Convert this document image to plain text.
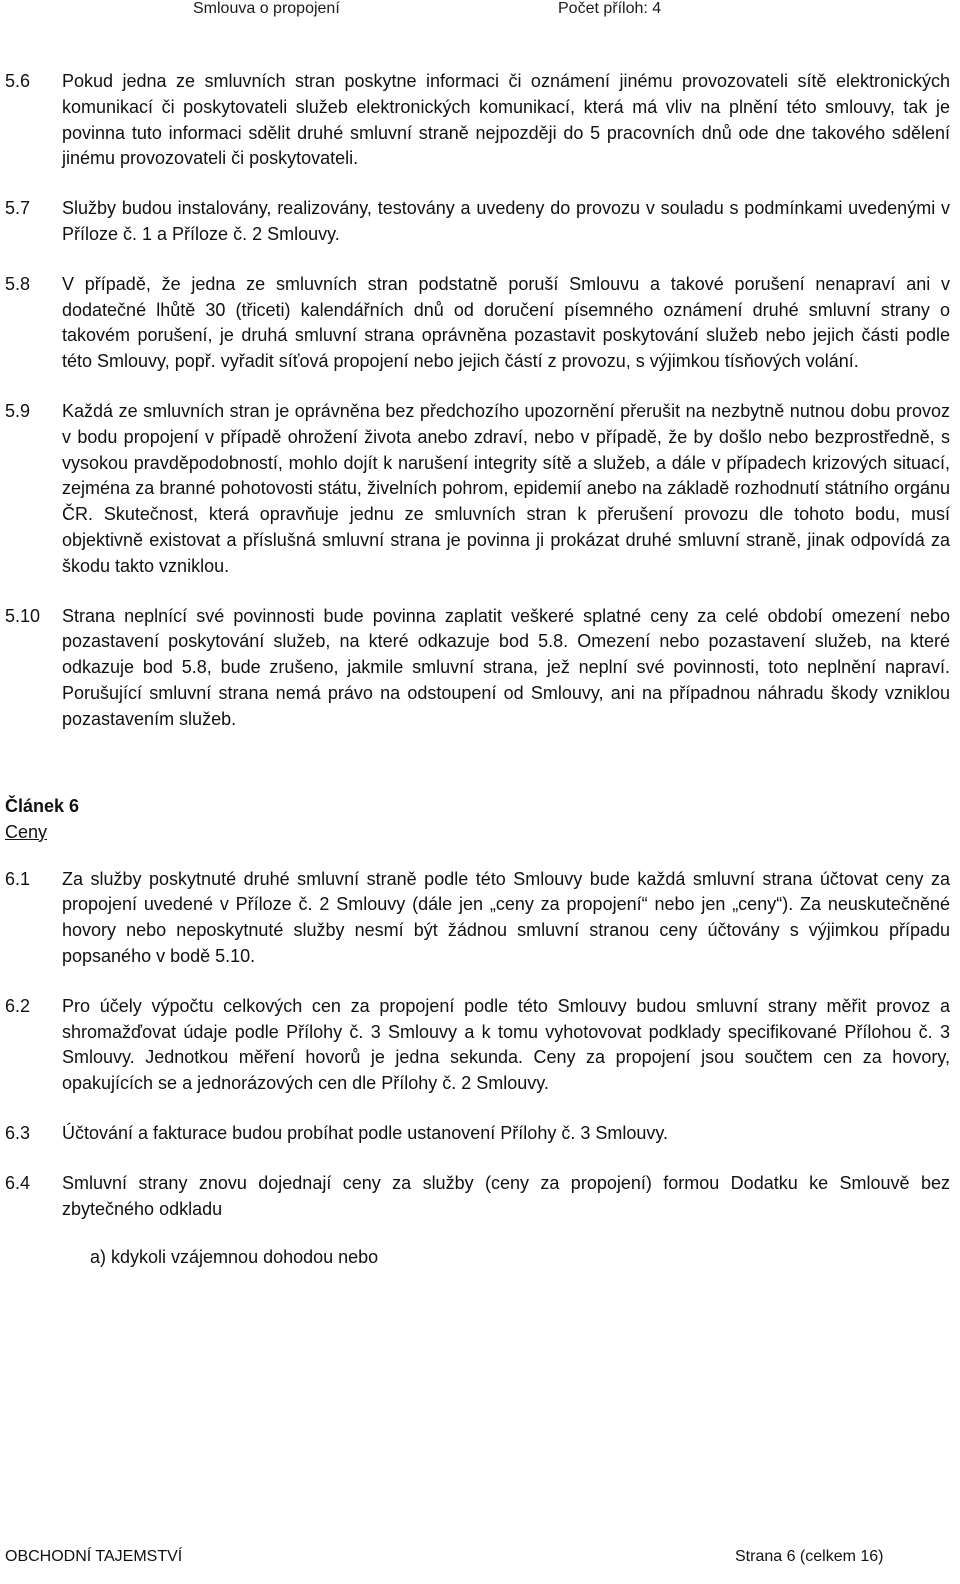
Smlouva o propojení	Počet příloh: 4
5.6	Pokud jedna ze smluvních stran poskytne informaci či oznámení jinému provozovateli sítě elektronických komunikací či poskytovateli služeb elektronických komunikací, která má vliv na plnění této smlouvy, tak je povinna tuto informaci sdělit druhé smluvní straně nejpozději do 5 pracovních dnů ode dne takového sdělení jinému provozovateli či poskytovateli.
5.7	Služby budou instalovány, realizovány, testovány a uvedeny do provozu v souladu s podmínkami uvedenými v Příloze č. 1 a Příloze č. 2 Smlouvy.
5.8	V případě, že jedna ze smluvních stran podstatně poruší Smlouvu a takové porušení nenapraví ani v dodatečné lhůtě 30 (třiceti) kalendářních dnů od doručení písemného oznámení druhé smluvní strany o takovém porušení, je druhá smluvní strana oprávněna pozastavit poskytování služeb nebo jejich části podle této Smlouvy, popř. vyřadit síťová propojení nebo jejich částí z provozu, s výjimkou tísňových volání.
5.9	Každá ze smluvních stran je oprávněna bez předchozího upozornění přerušit na nezbytně nutnou dobu provoz v bodu propojení v případě ohrožení života anebo zdraví, nebo v případě, že by došlo nebo bezprostředně, s vysokou pravděpodobností, mohlo dojít k narušení integrity sítě a služeb, a dále v případech krizových situací, zejména za branné pohotovosti státu, živelních pohrom, epidemií anebo na základě rozhodnutí státního orgánu ČR. Skutečnost, která opravňuje jednu ze smluvních stran k přerušení provozu dle tohoto bodu, musí objektivně existovat a příslušná smluvní strana je povinna ji prokázat druhé smluvní straně, jinak odpovídá za škodu takto vzniklou.
5.10	Strana neplnící své povinnosti bude povinna zaplatit veškeré splatné ceny za celé období omezení nebo pozastavení poskytování služeb, na které odkazuje bod 5.8. Omezení nebo pozastavení služeb, na které odkazuje bod 5.8, bude zrušeno, jakmile smluvní strana, jež neplní své povinnosti, toto neplnění napraví. Porušující smluvní strana nemá právo na odstoupení od Smlouvy, ani na případnou náhradu škody vzniklou pozastavením služeb.
Článek 6
Ceny
6.1	Za služby poskytnuté druhé smluvní straně podle této Smlouvy bude každá smluvní strana účtovat ceny za propojení uvedené v Příloze č. 2 Smlouvy (dále jen „ceny za propojení“ nebo jen „ceny“). Za neuskutečněné hovory nebo neposkytnuté služby nesmí být žádnou smluvní stranou ceny účtovány s výjimkou případu popsaného v bodě 5.10.
6.2	Pro účely výpočtu celkových cen za propojení podle této Smlouvy budou smluvní strany měřit provoz a shromažďovat údaje podle Přílohy č. 3 Smlouvy a k tomu vyhotovovat podklady specifikované Přílohou č. 3 Smlouvy. Jednotkou měření hovorů je jedna sekunda. Ceny za propojení jsou součtem cen za hovory, opakujících se a jednorázových cen dle Přílohy č. 2 Smlouvy.
6.3	Účtování a fakturace budou probíhat podle ustanovení Přílohy č. 3 Smlouvy.
6.4	Smluvní strany znovu dojednají ceny za služby (ceny za propojení) formou Dodatku ke Smlouvě bez zbytečného odkladu
a) kdykoli vzájemnou dohodou nebo
OBCHODNÍ TAJEMSTVÍ	Strana 6 (celkem 16)
